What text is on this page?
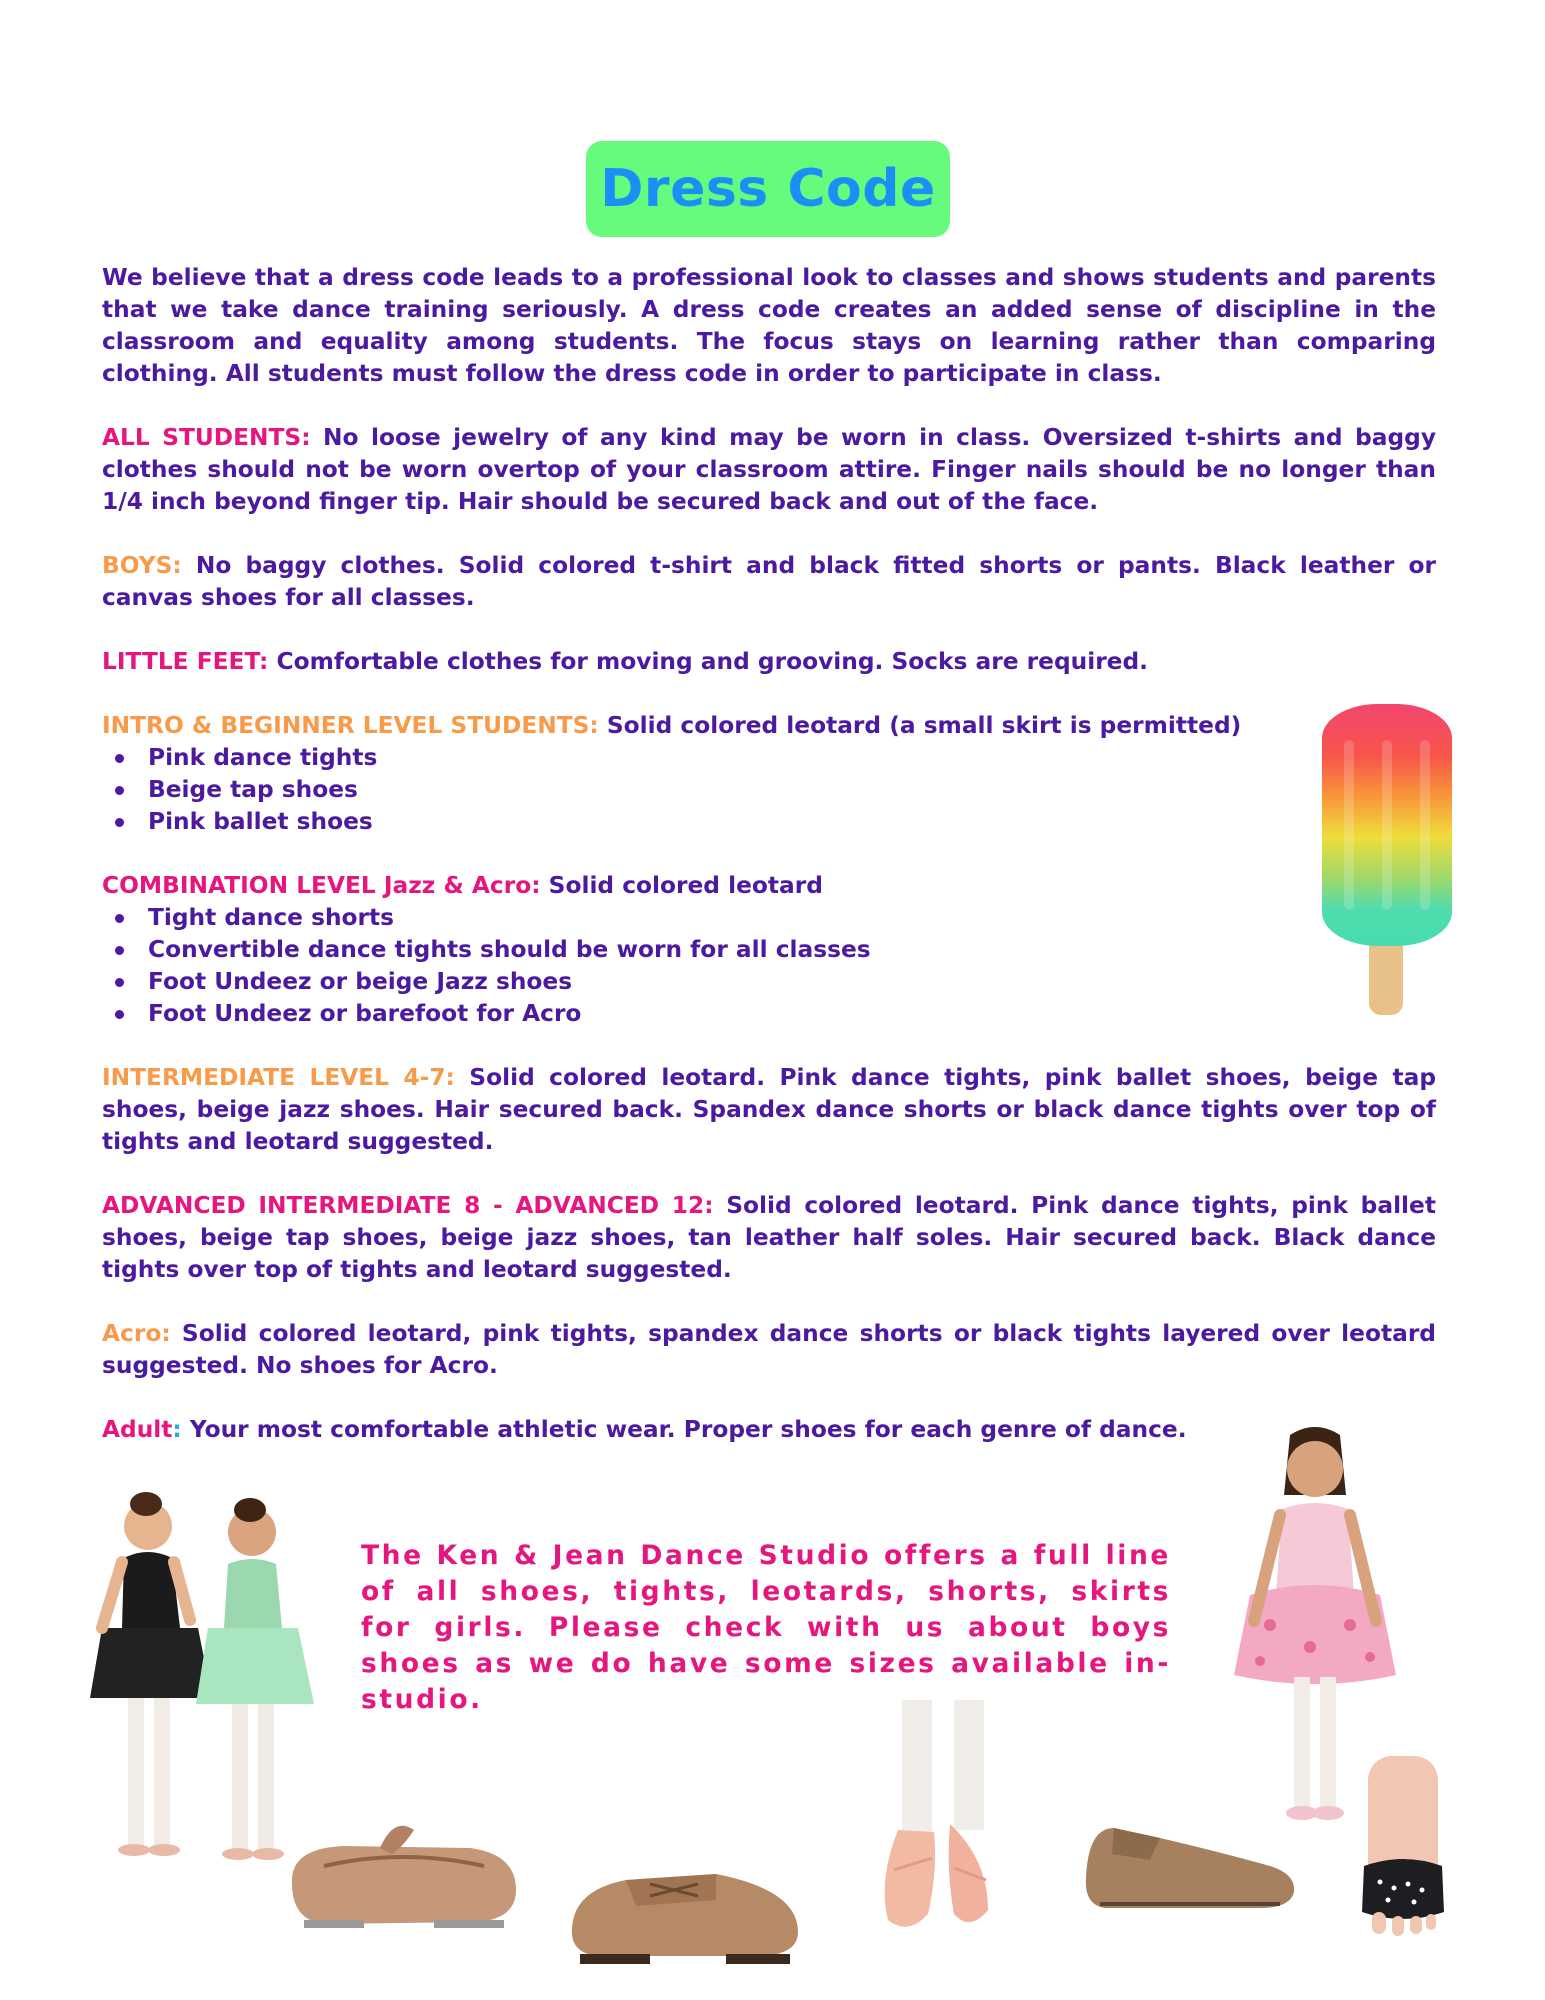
Dress Code

We believe that a dress code leads to a professional look to classes and shows students and parents that we take dance training seriously. A dress code creates an added sense of discipline in the classroom and equality among students. The focus stays on learning rather than comparing clothing. All students must follow the dress code in order to participate in class.

ALL STUDENTS: No loose jewelry of any kind may be worn in class. Oversized t-shirts and baggy clothes should not be worn overtop of your classroom attire. Finger nails should be no longer than 1/4 inch beyond finger tip. Hair should be secured back and out of the face.

BOYS: No baggy clothes. Solid colored t-shirt and black fitted shorts or pants. Black leather or canvas shoes for all classes.

LITTLE FEET: Comfortable clothes for moving and grooving. Socks are required.

INTRO & BEGINNER LEVEL STUDENTS: Solid colored leotard (a small skirt is permitted)

Pink dance tights
Beige tap shoes
Pink ballet shoes

COMBINATION LEVEL Jazz & Acro: Solid colored leotard

Tight dance shorts
Convertible dance tights should be worn for all classes
Foot Undeez or beige Jazz shoes
Foot Undeez or barefoot for Acro

INTERMEDIATE LEVEL 4-7: Solid colored leotard. Pink dance tights, pink ballet shoes, beige tap shoes, beige jazz shoes. Hair secured back. Spandex dance shorts or black dance tights over top of tights and leotard suggested.

ADVANCED INTERMEDIATE 8 - ADVANCED 12: Solid colored leotard. Pink dance tights, pink ballet shoes, beige tap shoes, beige jazz shoes, tan leather half soles. Hair secured back. Black dance tights over top of tights and leotard suggested.

Acro: Solid colored leotard, pink tights, spandex dance shorts or black tights layered over leotard suggested. No shoes for Acro.

Adult: Your most comfortable athletic wear. Proper shoes for each genre of dance.

The Ken & Jean Dance Studio offers a full line of all shoes, tights, leotards, shorts, skirts for girls. Please check with us about boys shoes as we do have some sizes available in-studio.
